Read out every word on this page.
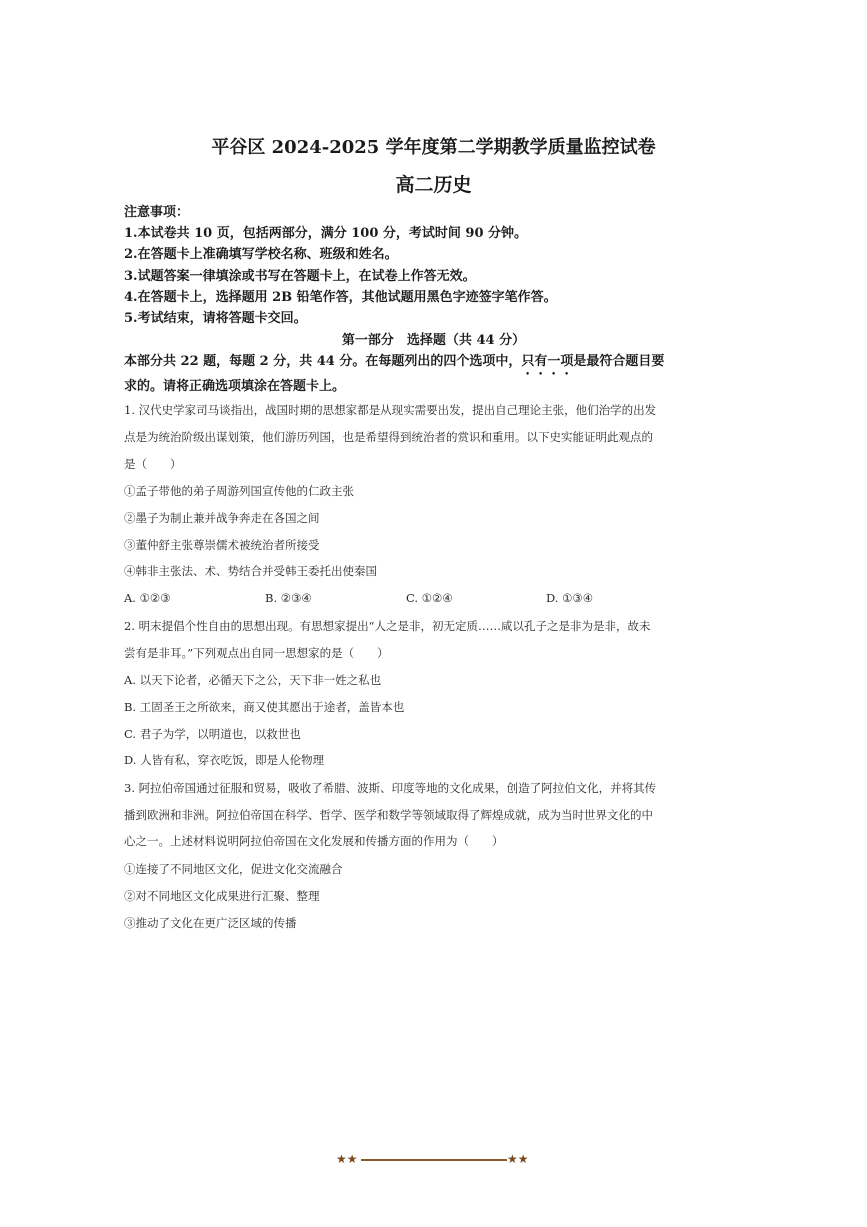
平谷区 2024-2025 学年度第二学期教学质量监控试卷
高二历史
注意事项：
1.本试卷共 10 页，包括两部分，满分 100 分，考试时间 90 分钟。
2.在答题卡上准确填写学校名称、班级和姓名。
3.试题答案一律填涂或书写在答题卡上，在试卷上作答无效。
4.在答题卡上，选择题用 2B 铅笔作答，其他试题用黑色字迹签字笔作答。
5.考试结束，请将答题卡交回。
第一部分　选择题（共 44 分）
本部分共 22 题，每题 2 分，共 44 分。在每题列出的四个选项中，只有一项是最符合题目要
求的。请将正确选项填涂在答题卡上。
1. 汉代史学家司马谈指出，战国时期的思想家都是从现实需要出发，提出自己理论主张，他们治学的出发
点是为统治阶级出谋划策，他们游历列国，也是希望得到统治者的赏识和重用。以下史实能证明此观点的
是（　　）
①孟子带他的弟子周游列国宣传他的仁政主张
②墨子为制止兼并战争奔走在各国之间
③董仲舒主张尊崇儒术被统治者所接受
④韩非主张法、术、势结合并受韩王委托出使秦国
A. ①②③	B. ②③④	C. ①②④	D. ①③④
2. 明末提倡个性自由的思想出现。有思想家提出“人之是非，初无定质……咸以孔子之是非为是非，故未
尝有是非耳。”下列观点出自同一思想家的是（　　）
A. 以天下论者，必循天下之公，天下非一姓之私也
B. 工固圣王之所欲来，商又使其愿出于途者，盖皆本也
C. 君子为学，以明道也，以救世也
D. 人皆有私，穿衣吃饭，即是人伦物理
3. 阿拉伯帝国通过征服和贸易，吸收了希腊、波斯、印度等地的文化成果，创造了阿拉伯文化，并将其传
播到欧洲和非洲。阿拉伯帝国在科学、哲学、医学和数学等领域取得了辉煌成就，成为当时世界文化的中
心之一。上述材料说明阿拉伯帝国在文化发展和传播方面的作用为（　　）
①连接了不同地区文化，促进文化交流融合
②对不同地区文化成果进行汇聚、整理
③推动了文化在更广泛区域的传播
★★	★★
